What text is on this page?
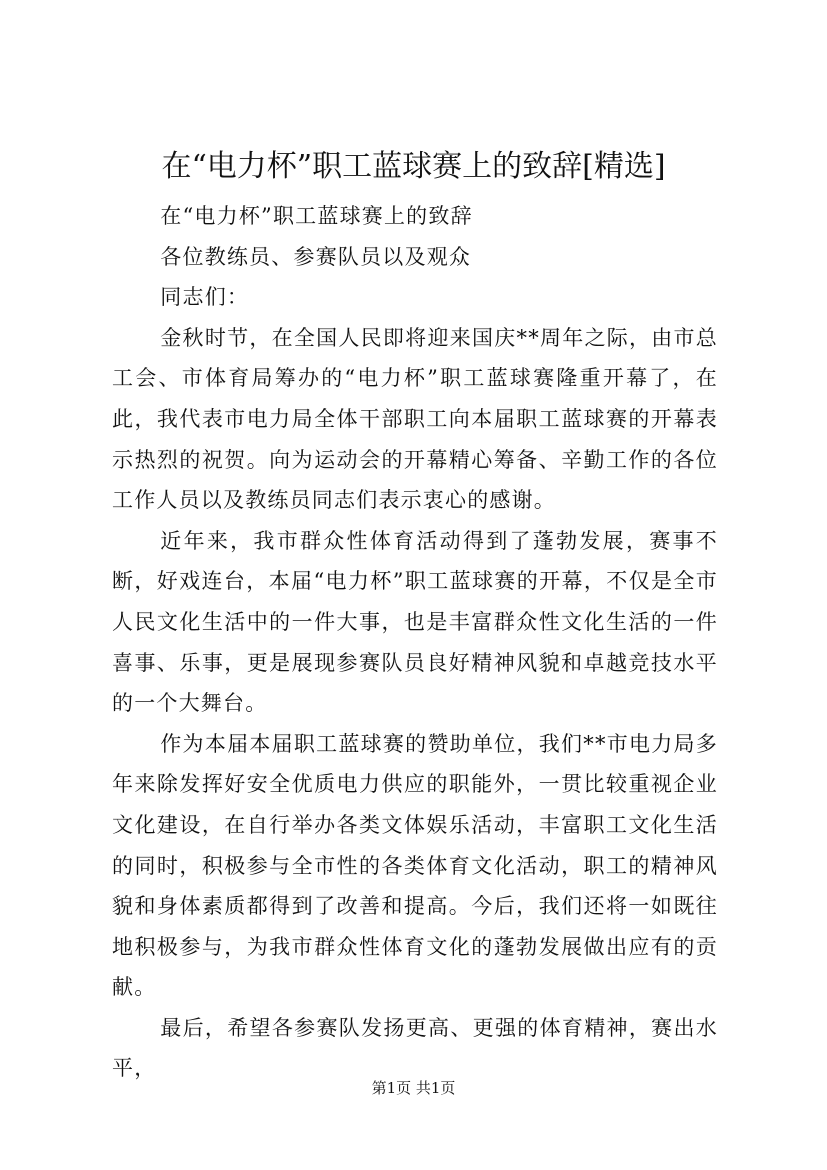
在“电力杯”职工蓝球赛上的致辞[精选]

在“电力杯”职工蓝球赛上的致辞

各位教练员、参赛队员以及观众

同志们：

金秋时节，在全国人民即将迎来国庆**周年之际，由市总工会、市体育局筹办的“电力杯”职工蓝球赛隆重开幕了，在此，我代表市电力局全体干部职工向本届职工蓝球赛的开幕表示热烈的祝贺。向为运动会的开幕精心筹备、辛勤工作的各位工作人员以及教练员同志们表示衷心的感谢。

近年来，我市群众性体育活动得到了蓬勃发展，赛事不断，好戏连台，本届“电力杯”职工蓝球赛的开幕，不仅是全市人民文化生活中的一件大事，也是丰富群众性文化生活的一件喜事、乐事，更是展现参赛队员良好精神风貌和卓越竞技水平的一个大舞台。

作为本届本届职工蓝球赛的赞助单位，我们**市电力局多年来除发挥好安全优质电力供应的职能外，一贯比较重视企业文化建设，在自行举办各类文体娱乐活动，丰富职工文化生活的同时，积极参与全市性的各类体育文化活动，职工的精神风貌和身体素质都得到了改善和提高。今后，我们还将一如既往地积极参与，为我市群众性体育文化的蓬勃发展做出应有的贡献。

最后，希望各参赛队发扬更高、更强的体育精神，赛出水平，

第1页 共1页
